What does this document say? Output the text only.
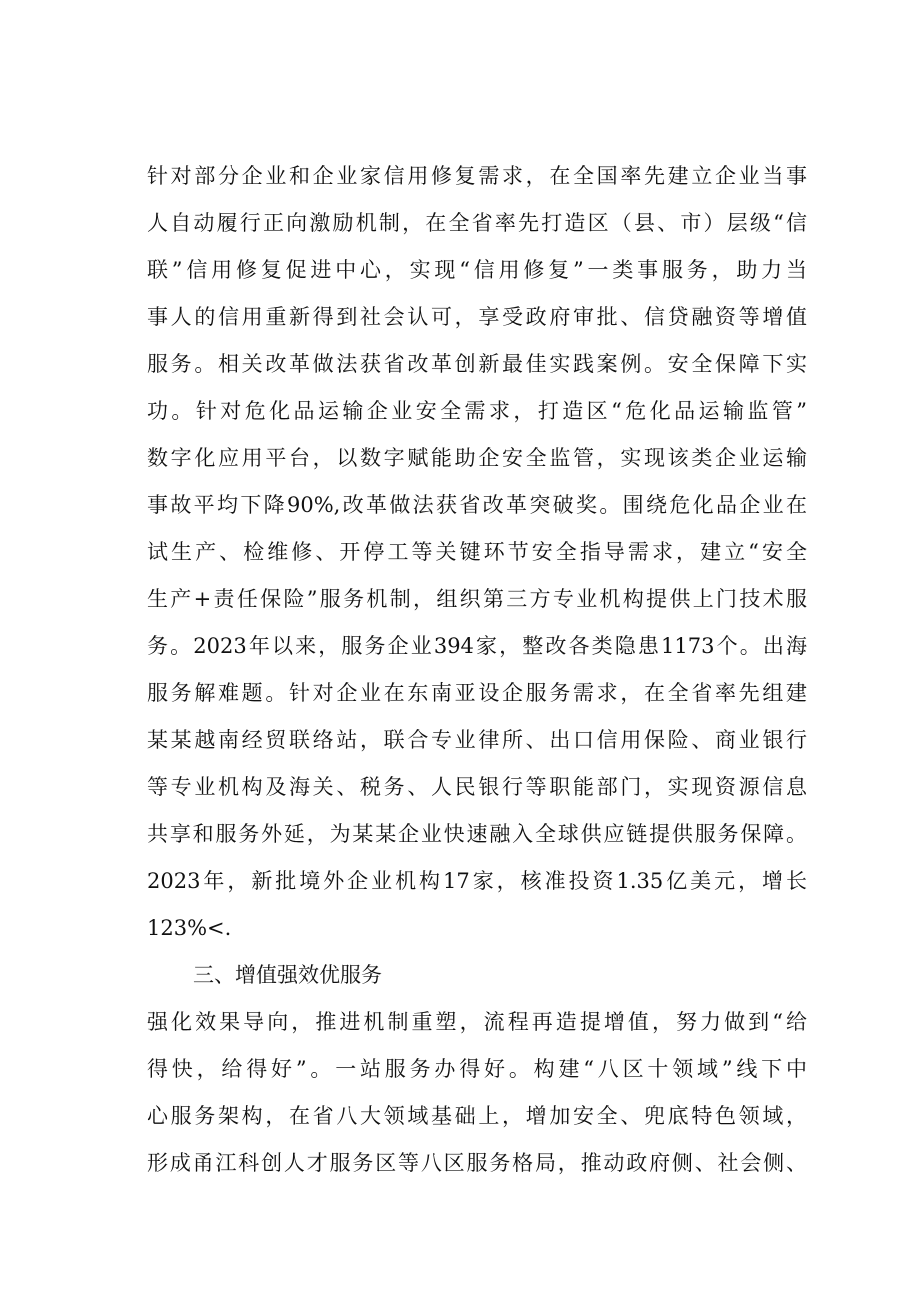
针对部分企业和企业家信用修复需求，在全国率先建立企业当事
人自动履行正向激励机制，在全省率先打造区（县、市）层级“信
联”信用修复促进中心，实现“信用修复”一类事服务，助力当
事人的信用重新得到社会认可，享受政府审批、信贷融资等增值
服务。相关改革做法获省改革创新最佳实践案例。安全保障下实
功。针对危化品运输企业安全需求，打造区“危化品运输监管”
数字化应用平台，以数字赋能助企安全监管，实现该类企业运输
事故平均下降90%,改革做法获省改革突破奖。围绕危化品企业在
试生产、检维修、开停工等关键环节安全指导需求，建立“安全
生产+责任保险”服务机制，组织第三方专业机构提供上门技术服
务。2023年以来，服务企业394家，整改各类隐患1173个。出海
服务解难题。针对企业在东南亚设企服务需求，在全省率先组建
某某越南经贸联络站，联合专业律所、出口信用保险、商业银行
等专业机构及海关、税务、人民银行等职能部门，实现资源信息
共享和服务外延，为某某企业快速融入全球供应链提供服务保障。
2023年，新批境外企业机构17家，核准投资1.35亿美元，增长
123%<.
三、增值强效优服务
强化效果导向，推进机制重塑，流程再造提增值，努力做到“给
得快，给得好”。一站服务办得好。构建“八区十领域”线下中
心服务架构，在省八大领域基础上，增加安全、兜底特色领域，
形成甬江科创人才服务区等八区服务格局，推动政府侧、社会侧、
